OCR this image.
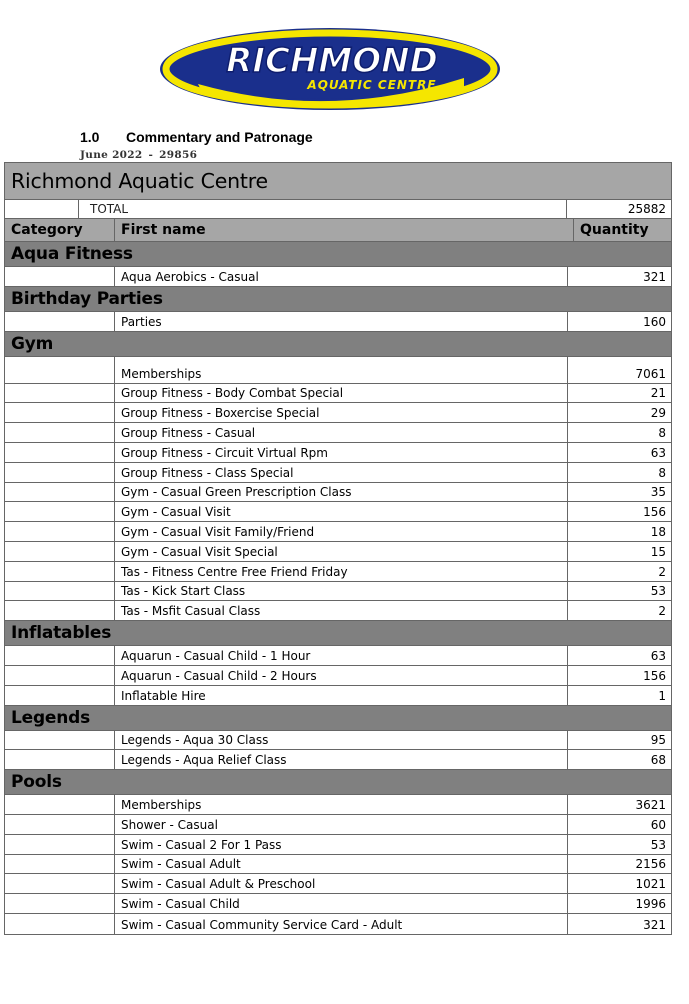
RICHMOND
AQUATIC CENTRE
1.0 Commentary and Patronage
June 2022 - 29856
Richmond Aquatic Centre
TOTAL	25882
Category	First name	Quantity
Aqua Fitness
Aqua Aerobics - Casual	321
Birthday Parties
Parties	160
Gym
Memberships	7061
Group Fitness - Body Combat Special	21
Group Fitness - Boxercise Special	29
Group Fitness - Casual	8
Group Fitness - Circuit Virtual Rpm	63
Group Fitness - Class Special	8
Gym - Casual Green Prescription Class	35
Gym - Casual Visit	156
Gym - Casual Visit Family/Friend	18
Gym - Casual Visit Special	15
Tas - Fitness Centre Free Friend Friday	2
Tas - Kick Start Class	53
Tas - Msfit Casual Class	2
Inflatables
Aquarun - Casual Child - 1 Hour	63
Aquarun - Casual Child - 2 Hours	156
Inflatable Hire	1
Legends
Legends - Aqua 30 Class	95
Legends - Aqua Relief Class	68
Pools
Memberships	3621
Shower - Casual	60
Swim - Casual 2 For 1 Pass	53
Swim - Casual Adult	2156
Swim - Casual Adult & Preschool	1021
Swim - Casual Child	1996
Swim - Casual Community Service Card - Adult	321
